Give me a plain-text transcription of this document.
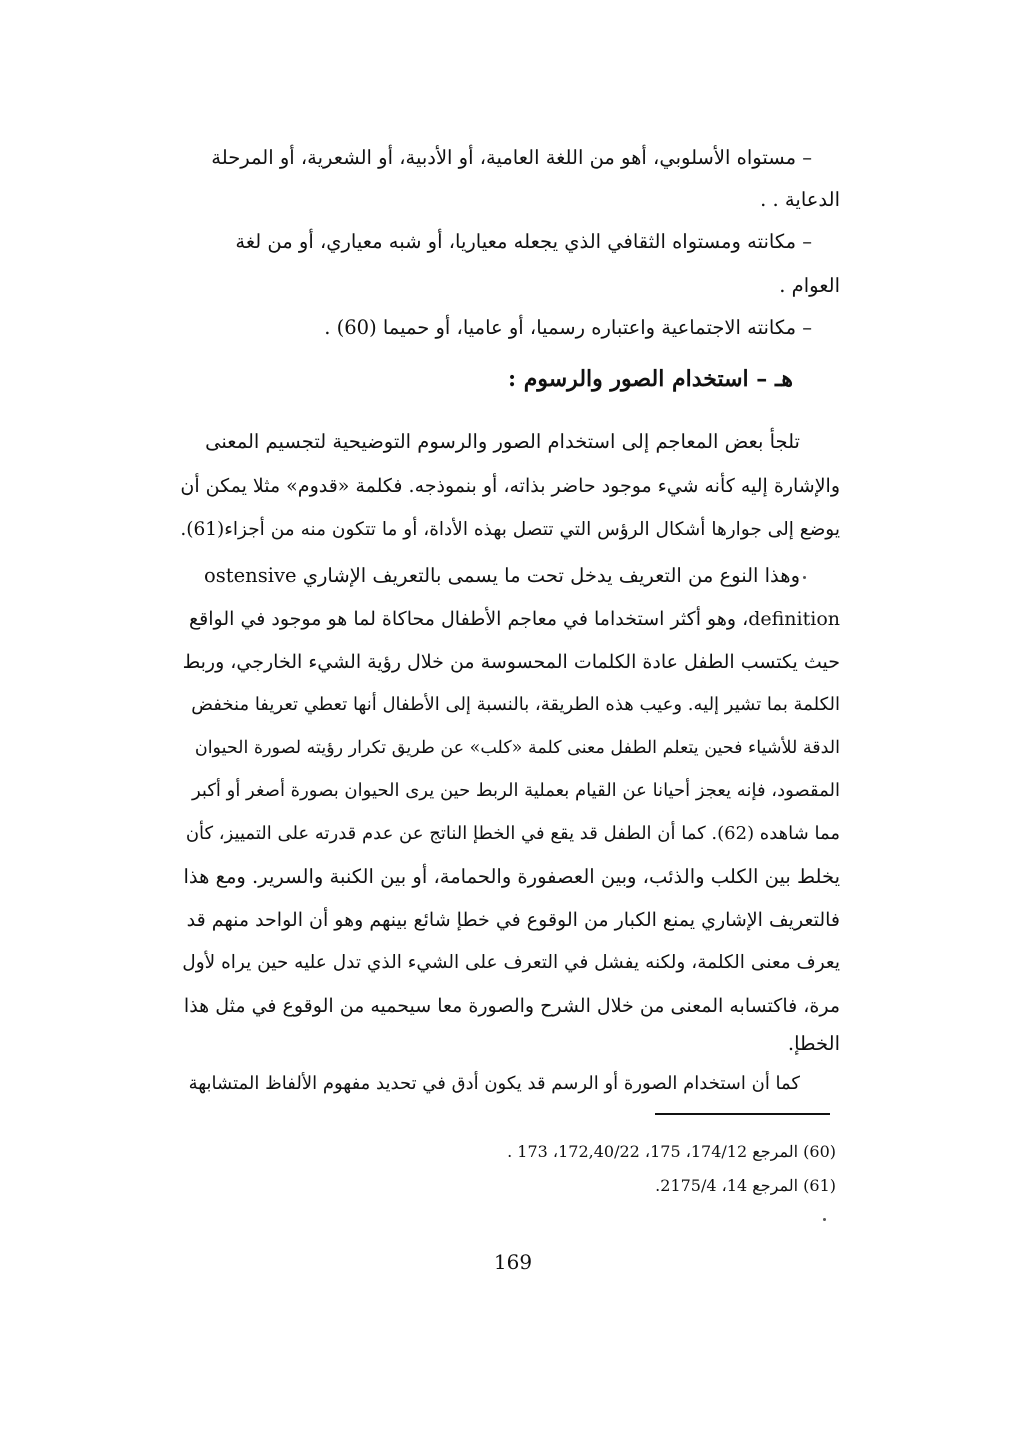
– مستواه الأسلوبي، أهو من اللغة العامية، أو الأدبية، أو الشعرية، أو المرحلة
الدعاية . .
– مكانته ومستواه الثقافي الذي يجعله معياريا، أو شبه معياري، أو من لغة
العوام .
– مكانته الاجتماعية واعتباره رسميا، أو عاميا، أو حميما (60) .
هـ – استخدام الصور والرسوم :
تلجأ بعض المعاجم إلى استخدام الصور والرسوم التوضيحية لتجسيم المعنى
والإشارة إليه كأنه شيء موجود حاضر بذاته، أو بنموذجه. فكلمة «قدوم» مثلا يمكن أن
يوضع إلى جوارها أشكال الرؤس التي تتصل بهذه الأداة، أو ما تتكون منه من أجزاء(61).
وهذا النوع من التعريف يدخل تحت ما يسمى بالتعريف الإشاري ostensive
definition، وهو أكثر استخداما في معاجم الأطفال محاكاة لما هو موجود في الواقع
حيث يكتسب الطفل عادة الكلمات المحسوسة من خلال رؤية الشيء الخارجي، وربط
الكلمة بما تشير إليه. وعيب هذه الطريقة، بالنسبة إلى الأطفال أنها تعطي تعريفا منخفض
الدقة للأشياء فحين يتعلم الطفل معنى كلمة «كلب» عن طريق تكرار رؤيته لصورة الحيوان
المقصود، فإنه يعجز أحيانا عن القيام بعملية الربط حين يرى الحيوان بصورة أصغر أو أكبر
مما شاهده (62). كما أن الطفل قد يقع في الخطإ الناتج عن عدم قدرته على التمييز، كأن
يخلط بين الكلب والذئب، وبين العصفورة والحمامة، أو بين الكنبة والسرير. ومع هذا
فالتعريف الإشاري يمنع الكبار من الوقوع في خطإ شائع بينهم وهو أن الواحد منهم قد
يعرف معنى الكلمة، ولكنه يفشل في التعرف على الشيء الذي تدل عليه حين يراه لأول
مرة، فاكتسابه المعنى من خلال الشرح والصورة معا سيحميه من الوقوع في مثل هذا
الخطإ.
كما أن استخدام الصورة أو الرسم قد يكون أدق في تحديد مفهوم الألفاظ المتشابهة
(60) المرجع 174/12، 175، 172,40/22، 173 .
(61) المرجع 14، 2175/4.
169
